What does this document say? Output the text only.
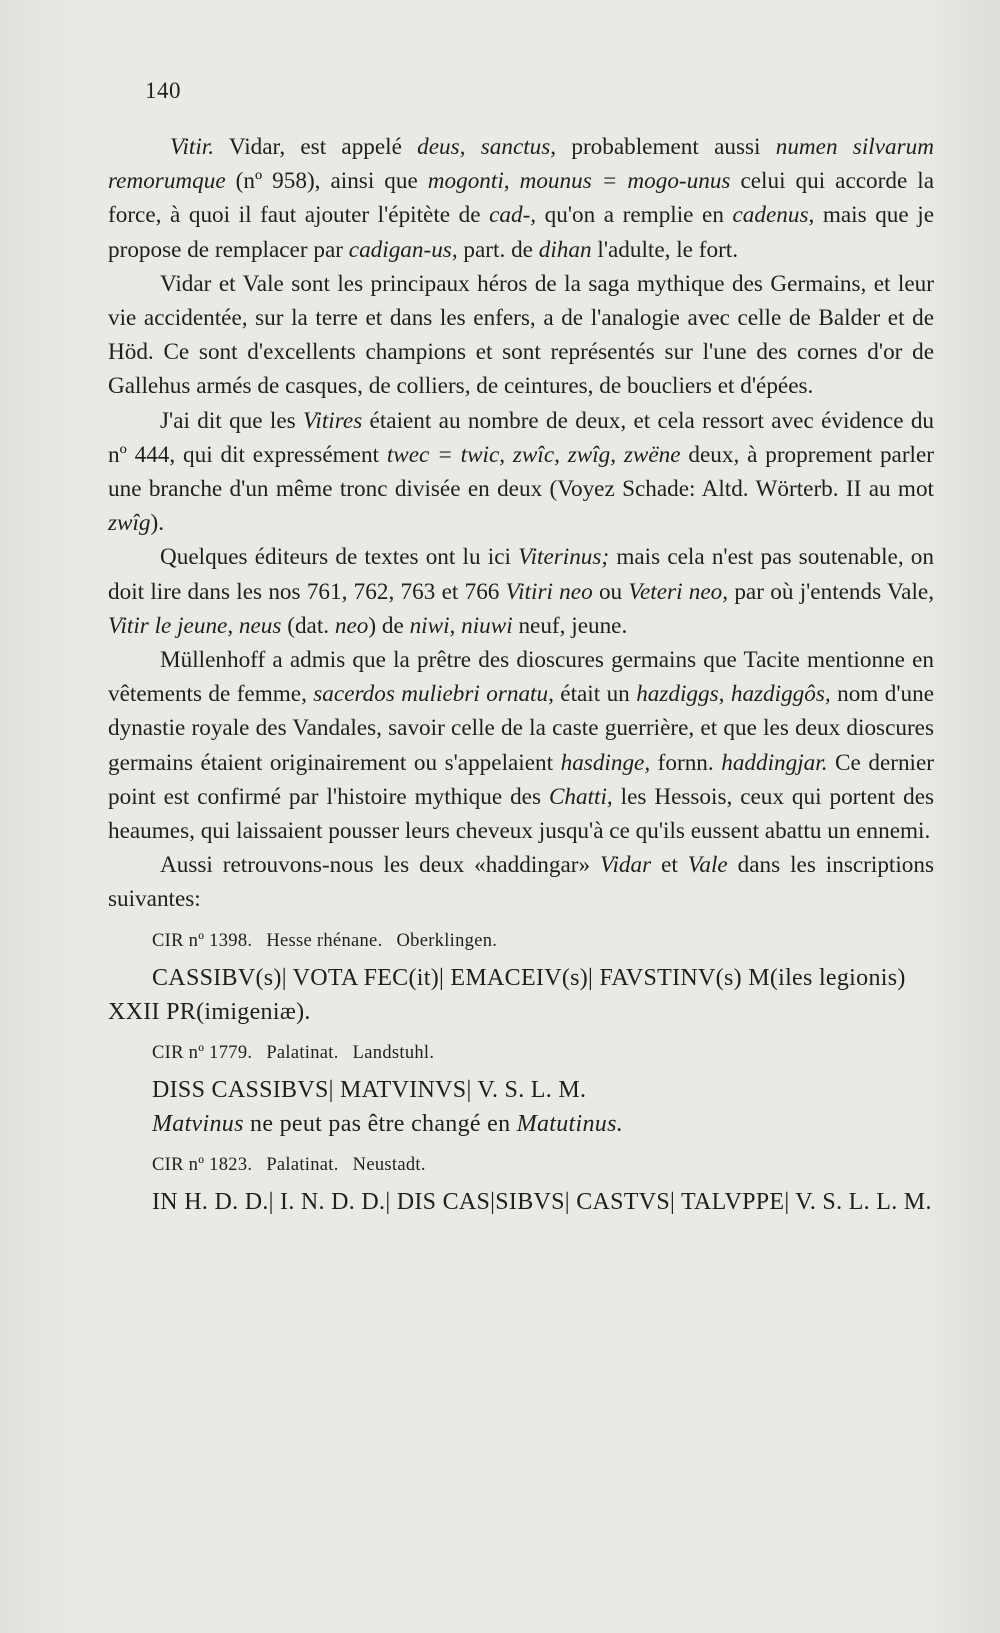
140

Vitir. Vidar, est appelé deus, sanctus, probablement aussi numen silvarum remorumque (nº 958), ainsi que mogonti, mounus = mogo-unus celui qui accorde la force, à quoi il faut ajouter l'épitète de cad-, qu'on a remplie en cadenus, mais que je propose de remplacer par cadigan-us, part. de dihan l'adulte, le fort.

Vidar et Vale sont les principaux héros de la saga mythique des Germains, et leur vie accidentée, sur la terre et dans les enfers, a de l'analogie avec celle de Balder et de Höd. Ce sont d'excellents champions et sont représentés sur l'une des cornes d'or de Gallehus armés de casques, de colliers, de ceintures, de boucliers et d'épées.

J'ai dit que les Vitires étaient au nombre de deux, et cela ressort avec évidence du nº 444, qui dit expressément twec = twic, zwîc, zwîg, zwëne deux, à proprement parler une branche d'un même tronc divisée en deux (Voyez Schade: Altd. Wörterb. II au mot zwîg).

Quelques éditeurs de textes ont lu ici Viterinus; mais cela n'est pas soutenable, on doit lire dans les nos 761, 762, 763 et 766 Vitiri neo ou Veteri neo, par où j'entends Vale, Vitir le jeune, neus (dat. neo) de niwi, niuwi neuf, jeune.

Müllenhoff a admis que la prêtre des dioscures germains que Tacite mentionne en vêtements de femme, sacerdos muliebri ornatu, était un hazdiggs, hazdiggôs, nom d'une dynastie royale des Vandales, savoir celle de la caste guerrière, et que les deux dioscures germains étaient originairement ou s'appelaient hasdinge, fornn. haddingjar. Ce dernier point est confirmé par l'histoire mythique des Chatti, les Hessois, ceux qui portent des heaumes, qui laissaient pousser leurs cheveux jusqu'à ce qu'ils eussent abattu un ennemi.

Aussi retrouvons-nous les deux «haddingar» Vidar et Vale dans les inscriptions suivantes:

CIR nº 1398. Hesse rhénane. Oberklingen.

CASSIBV(s)| VOTA FEC(it)| EMACEIV(s)| FAVSTINV(s) M(iles legionis) XXII PR(imigeniæ).

CIR nº 1779. Palatinat. Landstuhl.

DISS CASSIBVS| MATVINVS| V. S. L. M.

Matvinus ne peut pas être changé en Matutinus.

CIR nº 1823. Palatinat. Neustadt.

IN H. D. D.| I. N. D. D.| DIS CAS|SIBVS| CASTVS| TALVPPE| V. S. L. L. M.
